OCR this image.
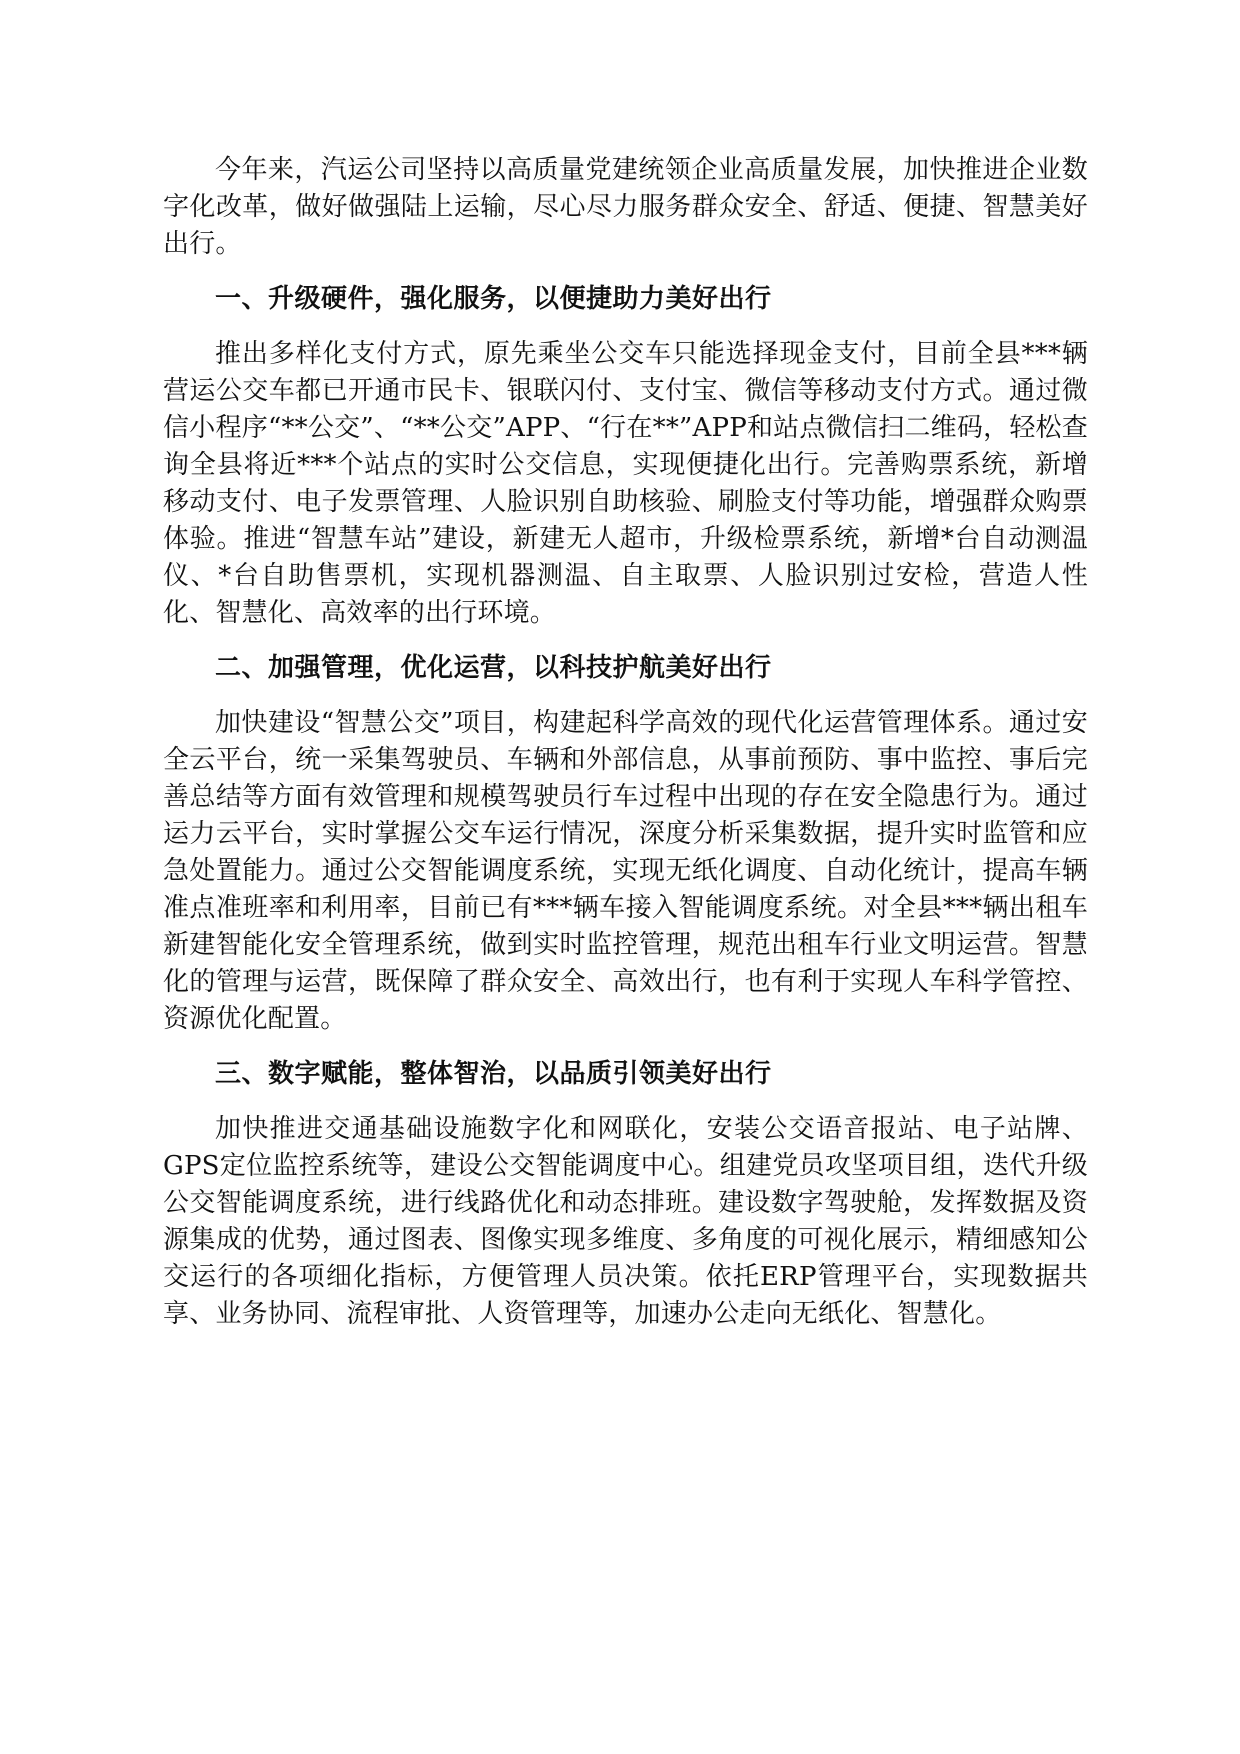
今年来，汽运公司坚持以高质量党建统领企业高质量发展，加快推进企业数字化改革，做好做强陆上运输，尽心尽力服务群众安全、舒适、便捷、智慧美好出行。

一、升级硬件，强化服务，以便捷助力美好出行

推出多样化支付方式，原先乘坐公交车只能选择现金支付，目前全县***辆营运公交车都已开通市民卡、银联闪付、支付宝、微信等移动支付方式。通过微信小程序“**公交”、“**公交”APP、“行在**”APP和站点微信扫二维码，轻松查询全县将近***个站点的实时公交信息，实现便捷化出行。完善购票系统，新增移动支付、电子发票管理、人脸识别自助核验、刷脸支付等功能，增强群众购票体验。推进“智慧车站”建设，新建无人超市，升级检票系统，新增*台自动测温仪、*台自助售票机，实现机器测温、自主取票、人脸识别过安检，营造人性化、智慧化、高效率的出行环境。

二、加强管理，优化运营，以科技护航美好出行

加快建设“智慧公交”项目，构建起科学高效的现代化运营管理体系。通过安全云平台，统一采集驾驶员、车辆和外部信息，从事前预防、事中监控、事后完善总结等方面有效管理和规模驾驶员行车过程中出现的存在安全隐患行为。通过运力云平台，实时掌握公交车运行情况，深度分析采集数据，提升实时监管和应急处置能力。通过公交智能调度系统，实现无纸化调度、自动化统计，提高车辆准点准班率和利用率，目前已有***辆车接入智能调度系统。对全县***辆出租车新建智能化安全管理系统，做到实时监控管理，规范出租车行业文明运营。智慧化的管理与运营，既保障了群众安全、高效出行，也有利于实现人车科学管控、资源优化配置。

三、数字赋能，整体智治，以品质引领美好出行

加快推进交通基础设施数字化和网联化，安装公交语音报站、电子站牌、GPS定位监控系统等，建设公交智能调度中心。组建党员攻坚项目组，迭代升级公交智能调度系统，进行线路优化和动态排班。建设数字驾驶舱，发挥数据及资源集成的优势，通过图表、图像实现多维度、多角度的可视化展示，精细感知公交运行的各项细化指标，方便管理人员决策。依托ERP管理平台，实现数据共享、业务协同、流程审批、人资管理等，加速办公走向无纸化、智慧化。
